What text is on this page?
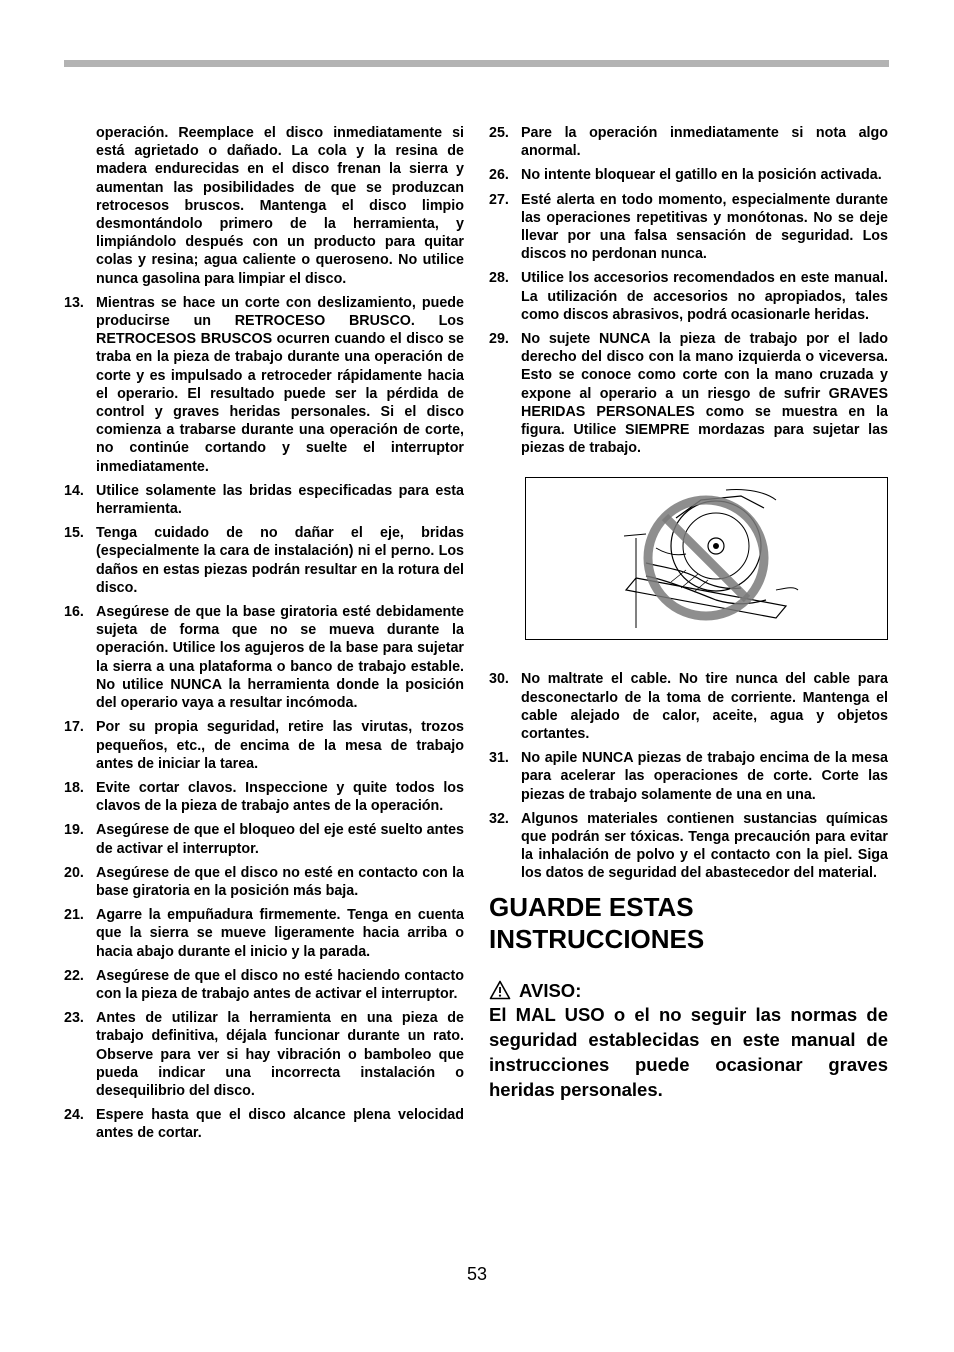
operación. Reemplace el disco inmediatamente si está agrietado o dañado. La cola y la resina de madera endurecidas en el disco frenan la sierra y aumentan las posibilidades de que se produzcan retrocesos bruscos. Mantenga el disco limpio desmontándolo primero de la herramienta, y limpiándolo después con un producto para quitar colas y resina; agua caliente o queroseno. No utilice nunca gasolina para limpiar el disco.
13. Mientras se hace un corte con deslizamiento, puede producirse un RETROCESO BRUSCO. Los RETROCESOS BRUSCOS ocurren cuando el disco se traba en la pieza de trabajo durante una operación de corte y es impulsado a retroceder rápidamente hacia el operario. El resultado puede ser la pérdida de control y graves heridas personales. Si el disco comienza a trabarse durante una operación de corte, no continúe cortando y suelte el interruptor inmediatamente.
14. Utilice solamente las bridas especificadas para esta herramienta.
15. Tenga cuidado de no dañar el eje, bridas (especialmente la cara de instalación) ni el perno. Los daños en estas piezas podrán resultar en la rotura del disco.
16. Asegúrese de que la base giratoria esté debidamente sujeta de forma que no se mueva durante la operación. Utilice los agujeros de la base para sujetar la sierra a una plataforma o banco de trabajo estable. No utilice NUNCA la herramienta donde la posición del operario vaya a resultar incómoda.
17. Por su propia seguridad, retire las virutas, trozos pequeños, etc., de encima de la mesa de trabajo antes de iniciar la tarea.
18. Evite cortar clavos. Inspeccione y quite todos los clavos de la pieza de trabajo antes de la operación.
19. Asegúrese de que el bloqueo del eje esté suelto antes de activar el interruptor.
20. Asegúrese de que el disco no esté en contacto con la base giratoria en la posición más baja.
21. Agarre la empuñadura firmemente. Tenga en cuenta que la sierra se mueve ligeramente hacia arriba o hacia abajo durante el inicio y la parada.
22. Asegúrese de que el disco no esté haciendo contacto con la pieza de trabajo antes de activar el interruptor.
23. Antes de utilizar la herramienta en una pieza de trabajo definitiva, déjala funcionar durante un rato. Observe para ver si hay vibración o bamboleo que pueda indicar una incorrecta instalación o desequilibrio del disco.
24. Espere hasta que el disco alcance plena velocidad antes de cortar.
25. Pare la operación inmediatamente si nota algo anormal.
26. No intente bloquear el gatillo en la posición activada.
27. Esté alerta en todo momento, especialmente durante las operaciones repetitivas y monótonas. No se deje llevar por una falsa sensación de seguridad. Los discos no perdonan nunca.
28. Utilice los accesorios recomendados en este manual. La utilización de accesorios no apropiados, tales como discos abrasivos, podrá ocasionarle heridas.
29. No sujete NUNCA la pieza de trabajo por el lado derecho del disco con la mano izquierda o viceversa. Esto se conoce como corte con la mano cruzada y expone al operario a un riesgo de sufrir GRAVES HERIDAS PERSONALES como se muestra en la figura. Utilice SIEMPRE mordazas para sujetar las piezas de trabajo.
30. No maltrate el cable. No tire nunca del cable para desconectarlo de la toma de corriente. Mantenga el cable alejado de calor, aceite, agua y objetos cortantes.
31. No apile NUNCA piezas de trabajo encima de la mesa para acelerar las operaciones de corte. Corte las piezas de trabajo solamente de una en una.
32. Algunos materiales contienen sustancias químicas que podrán ser tóxicas. Tenga precaución para evitar la inhalación de polvo y el contacto con la piel. Siga los datos de seguridad del abastecedor del material.
GUARDE ESTAS
INSTRUCCIONES
AVISO:
El MAL USO o el no seguir las normas de seguridad establecidas en este manual de instrucciones puede ocasionar graves heridas personales.
53
